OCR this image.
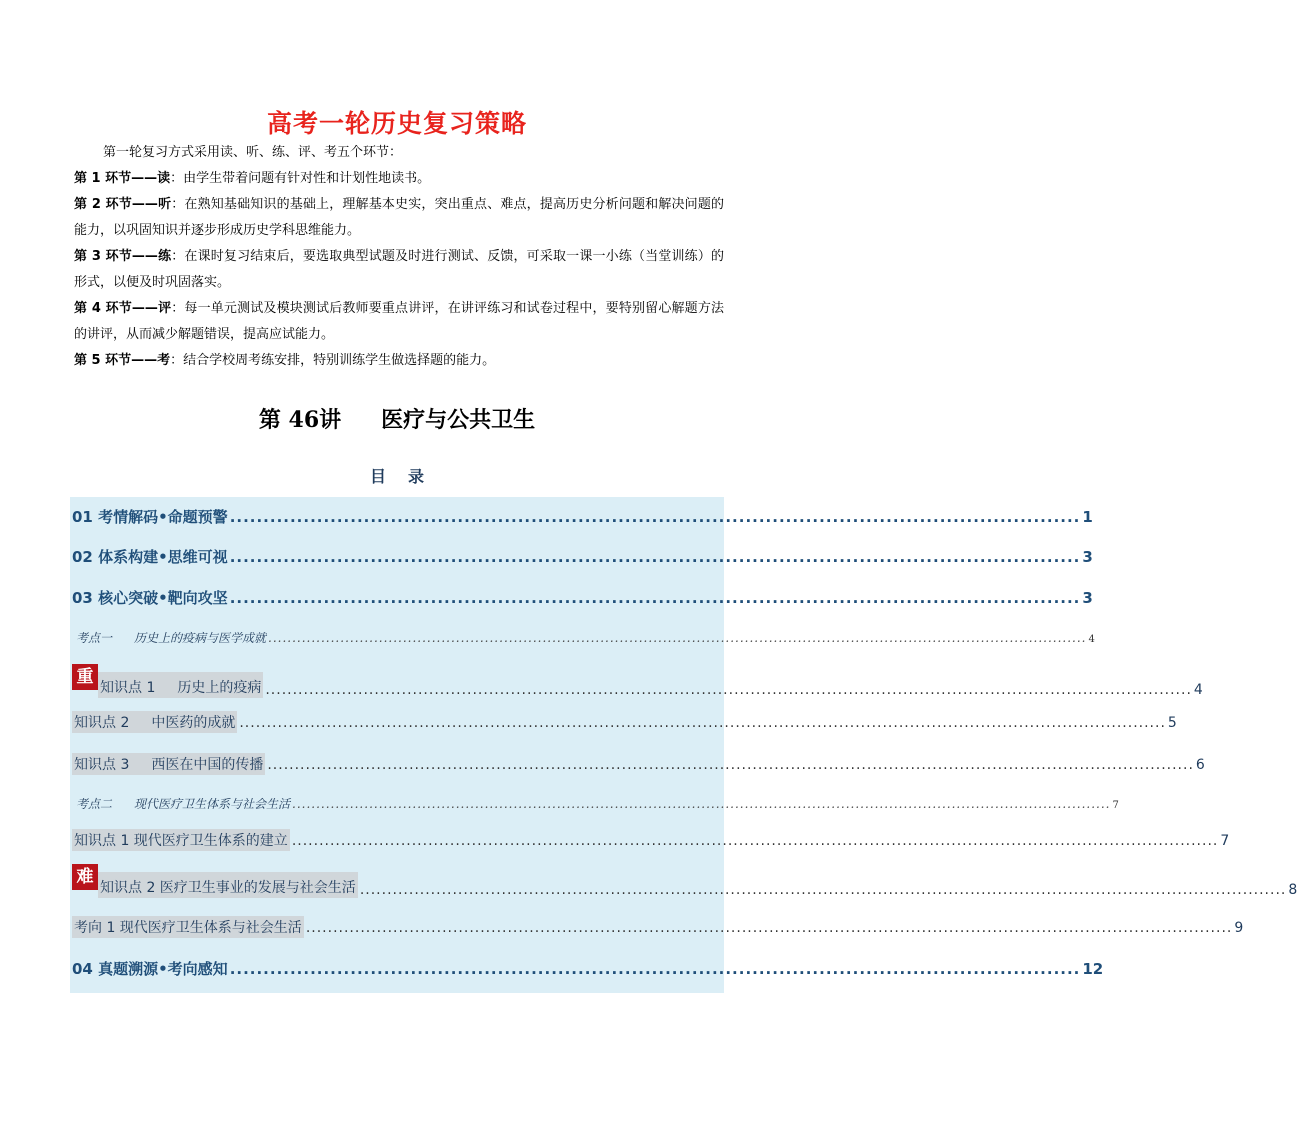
高考一轮历史复习策略
第一轮复习方式采用读、听、练、评、考五个环节：
第 1 环节——读：由学生带着问题有针对性和计划性地读书。
第 2 环节——听：在熟知基础知识的基础上，理解基本史实，突出重点、难点，提高历史分析问题和解决问题的能力，以巩固知识并逐步形成历史学科思维能力。
第 3 环节——练：在课时复习结束后，要选取典型试题及时进行测试、反馈，可采取一课一小练（当堂训练）的形式，以便及时巩固落实。
第 4 环节——评：每一单元测试及模块测试后教师要重点讲评，在讲评练习和试卷过程中，要特别留心解题方法的讲评，从而减少解题错误，提高应试能力。
第 5 环节——考：结合学校周考练安排，特别训练学生做选择题的能力。
第 46讲 医疗与公共卫生
目录
01 考情解码•命题预警 ............................................................................................................................... 1
02 体系构建•思维可视 ............................................................................................................................... 3
03 核心突破•靶向攻坚 ............................................................................................................................... 3
考点一 历史上的疫病与医学成就 .......................................................................................................................................................................... 4
重
知识点 1 历史上的疫病 .......................................................................................................................................................................... 4
知识点 2 中医药的成就 .......................................................................................................................................................................... 5
知识点 3 西医在中国的传播 .......................................................................................................................................................................... 6
考点二 现代医疗卫生体系与社会生活 .......................................................................................................................................................................... 7
知识点 1 现代医疗卫生体系的建立 .......................................................................................................................................................................... 7
难
知识点 2 医疗卫生事业的发展与社会生活 .......................................................................................................................................................................... 8
考向 1 现代医疗卫生体系与社会生活 .......................................................................................................................................................................... 9
04 真题溯源•考向感知 ............................................................................................................................... 12
